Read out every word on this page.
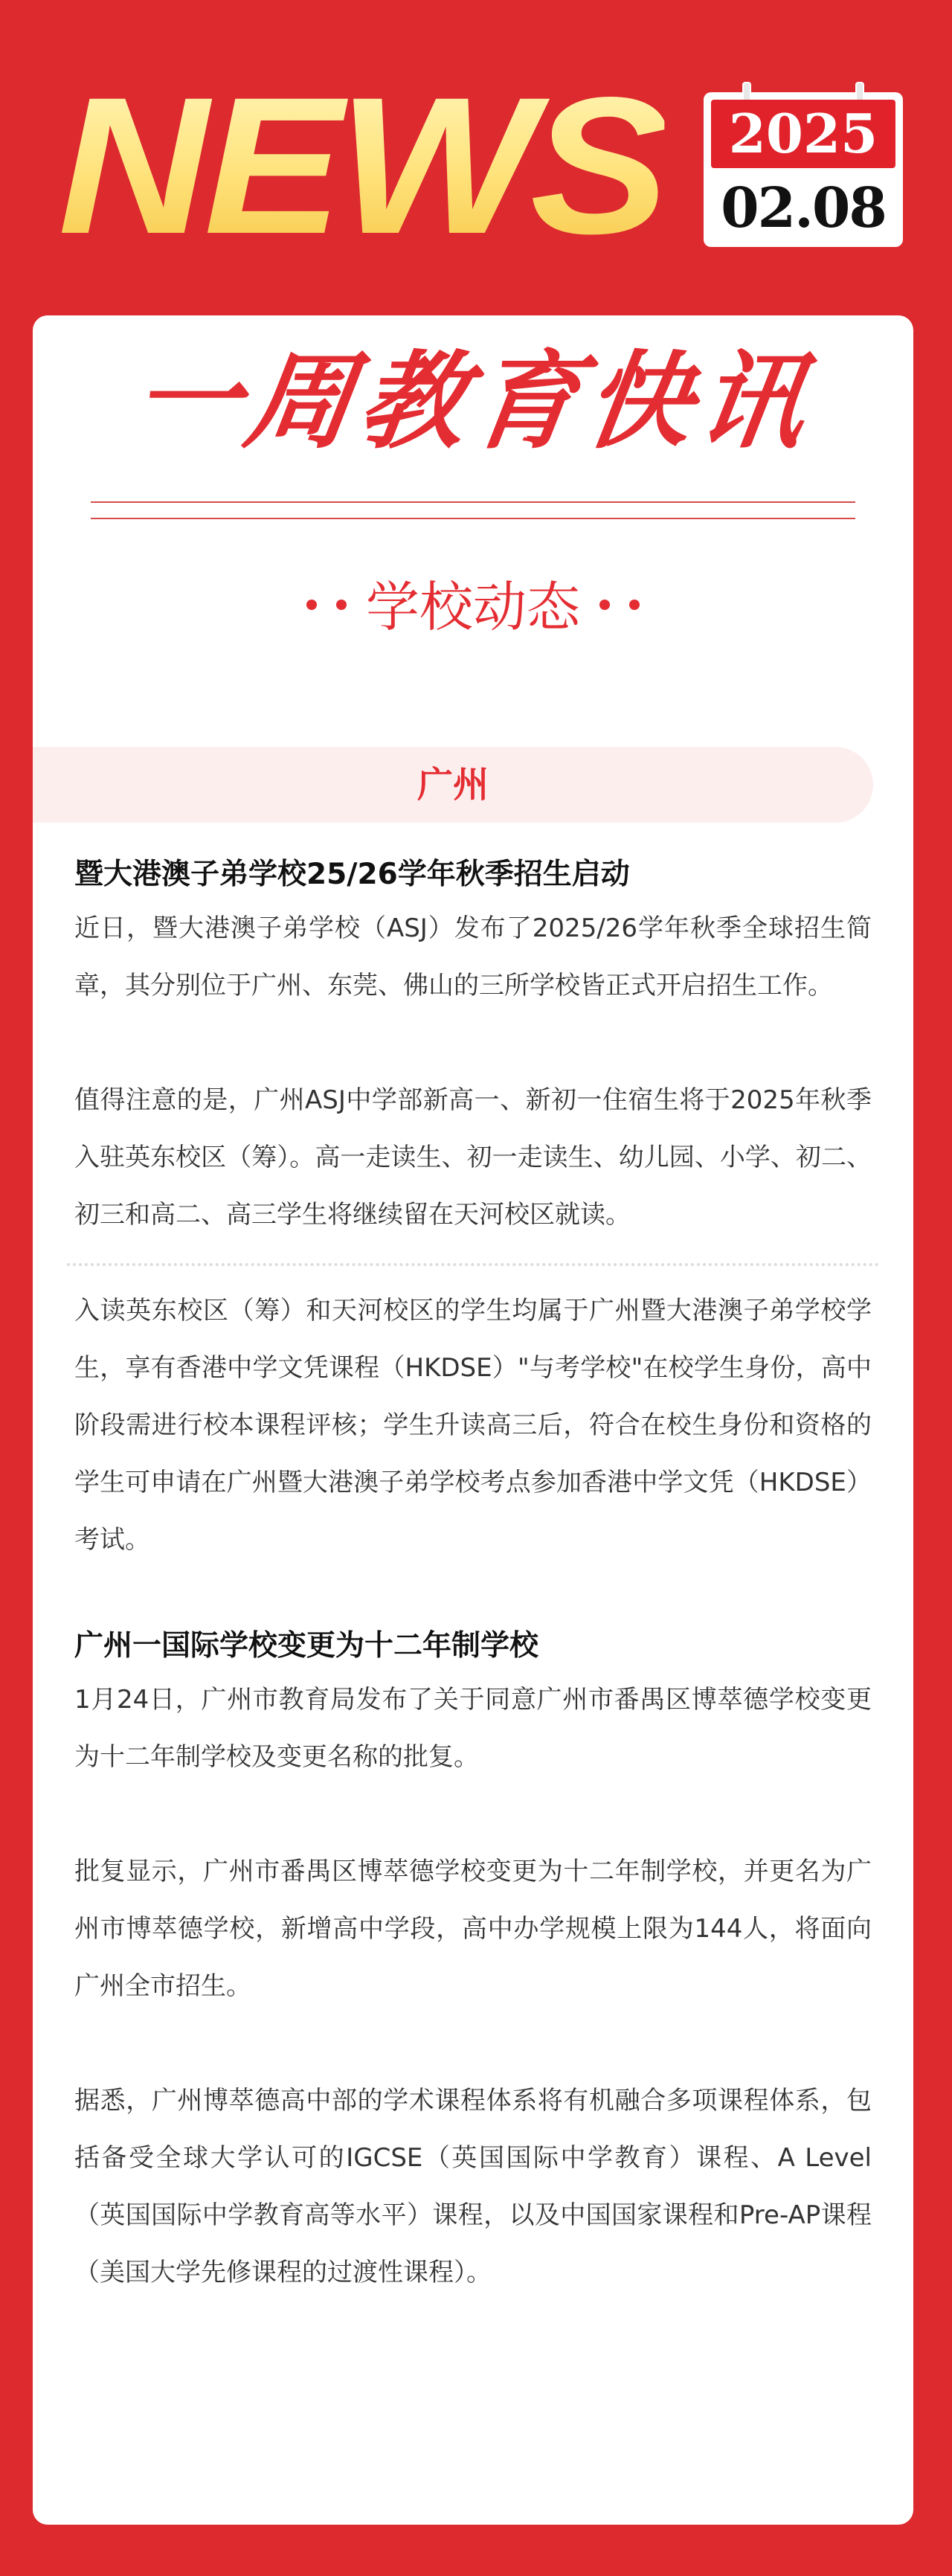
NEWS	2025
02.08
一周教育快讯
学校动态
广州
暨大港澳子弟学校25/26学年秋季招生启动

近日，暨大港澳子弟学校（ASJ）发布了2025/26学年秋季全球招生简章，其分别位于广州、东莞、佛山的三所学校皆正式开启招生工作。

值得注意的是，广州ASJ中学部新高一、新初一住宿生将于2025年秋季入驻英东校区（筹）。高一走读生、初一走读生、幼儿园、小学、初二、初三和高二、高三学生将继续留在天河校区就读。

入读英东校区（筹）和天河校区的学生均属于广州暨大港澳子弟学校学生，享有香港中学文凭课程（HKDSE）"与考学校"在校学生身份，高中阶段需进行校本课程评核；学生升读高三后，符合在校生身份和资格的学生可申请在广州暨大港澳子弟学校考点参加香港中学文凭（HKDSE）考试。

广州一国际学校变更为十二年制学校

1月24日，广州市教育局发布了关于同意广州市番禺区博萃德学校变更为十二年制学校及变更名称的批复。

批复显示，广州市番禺区博萃德学校变更为十二年制学校，并更名为广州市博萃德学校，新增高中学段，高中办学规模上限为144人，将面向广州全市招生。

据悉，广州博萃德高中部的学术课程体系将有机融合多项课程体系，包括备受全球大学认可的IGCSE（英国国际中学教育）课程、A Level（英国国际中学教育高等水平）课程，以及中国国家课程和Pre-AP课程（美国大学先修课程的过渡性课程）。
